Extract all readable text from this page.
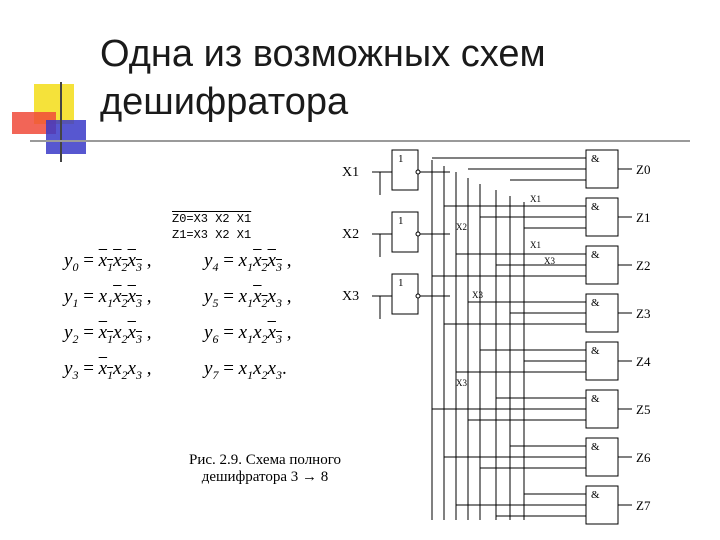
Одна из возможных схем
дешифратора
Z0=X3 X2 X1
Z1=X3 X2 X1
$y_0 = x_1x_2x_3$ ,	$y_4 = x_1x_2x_3$ ,
$y_1 = x_1x_2x_3$ ,	$y_5 = x_1x_2x_3$ ,
$y_2 = x_1x_2x_3$ ,	$y_6 = x_1x_2x_3$ ,
$y_3 = x_1x_2x_3$ ,	$y_7 = x_1x_2x_3$.
Рис. 2.9. Схема полного
дешифратора 3 → 8
X1
1
X2
1
X3
1
&
Z0
&
Z1
&
Z2
&
Z3
&
Z4
&
Z5
&
Z6
&
Z7
X2
X1
X1
X3
X3
X3
